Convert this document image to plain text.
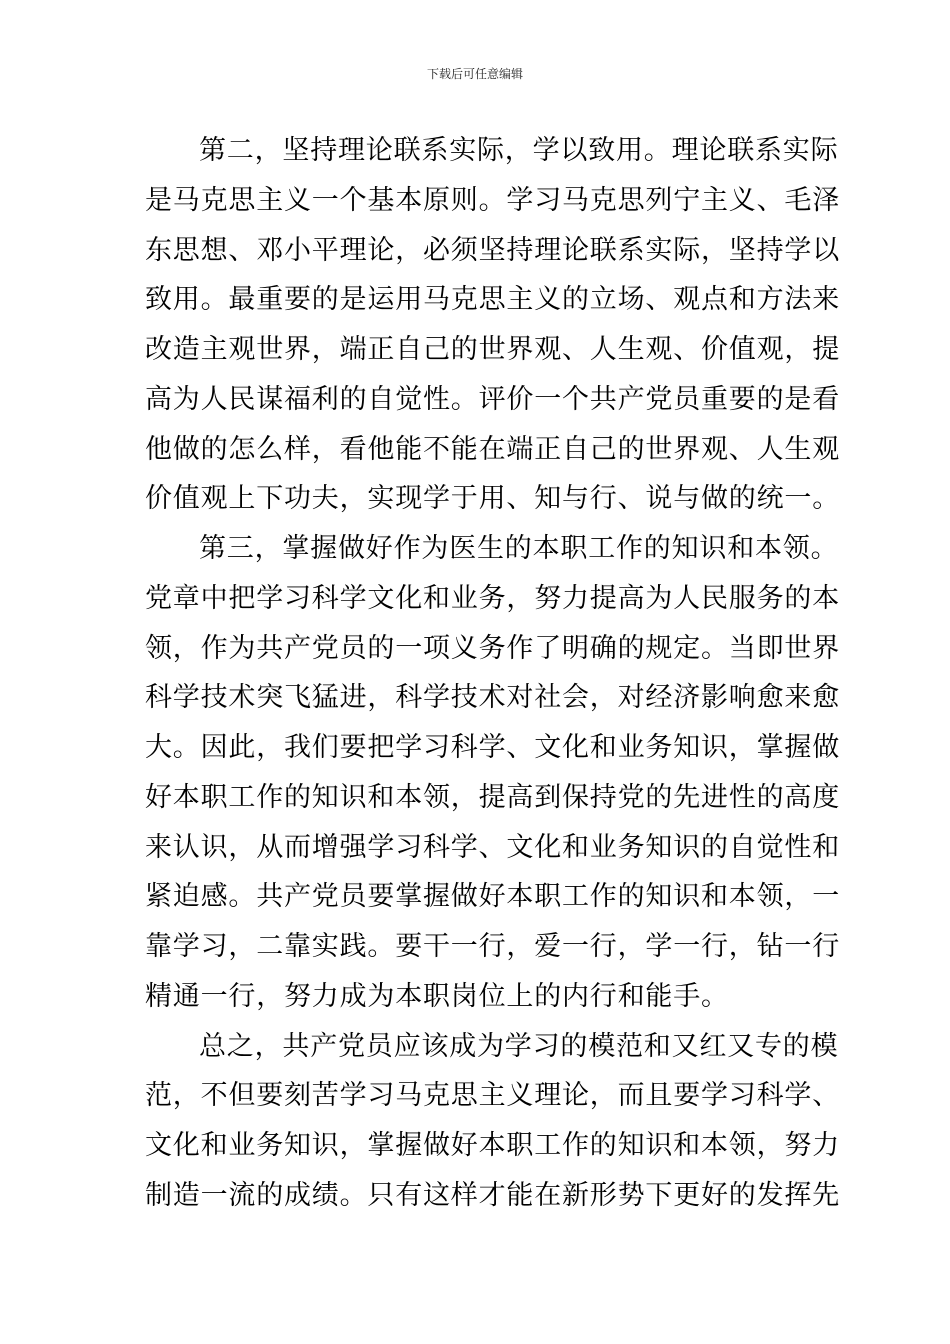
下载后可任意编辑
第二，坚持理论联系实际，学以致用。理论联系实际
是马克思主义一个基本原则。学习马克思列宁主义、毛泽
东思想、邓小平理论，必须坚持理论联系实际，坚持学以
致用。最重要的是运用马克思主义的立场、观点和方法来
改造主观世界，端正自己的世界观、人生观、价值观，提
高为人民谋福利的自觉性。评价一个共产党员重要的是看
他做的怎么样，看他能不能在端正自己的世界观、人生观
价值观上下功夫，实现学于用、知与行、说与做的统一。
第三，掌握做好作为医生的本职工作的知识和本领。
党章中把学习科学文化和业务，努力提高为人民服务的本
领，作为共产党员的一项义务作了明确的规定。当即世界
科学技术突飞猛进，科学技术对社会，对经济影响愈来愈
大。因此，我们要把学习科学、文化和业务知识，掌握做
好本职工作的知识和本领，提高到保持党的先进性的高度
来认识，从而增强学习科学、文化和业务知识的自觉性和
紧迫感。共产党员要掌握做好本职工作的知识和本领，一
靠学习，二靠实践。要干一行，爱一行，学一行，钻一行
精通一行，努力成为本职岗位上的内行和能手。
总之，共产党员应该成为学习的模范和又红又专的模
范，不但要刻苦学习马克思主义理论，而且要学习科学、
文化和业务知识，掌握做好本职工作的知识和本领，努力
制造一流的成绩。只有这样才能在新形势下更好的发挥先
